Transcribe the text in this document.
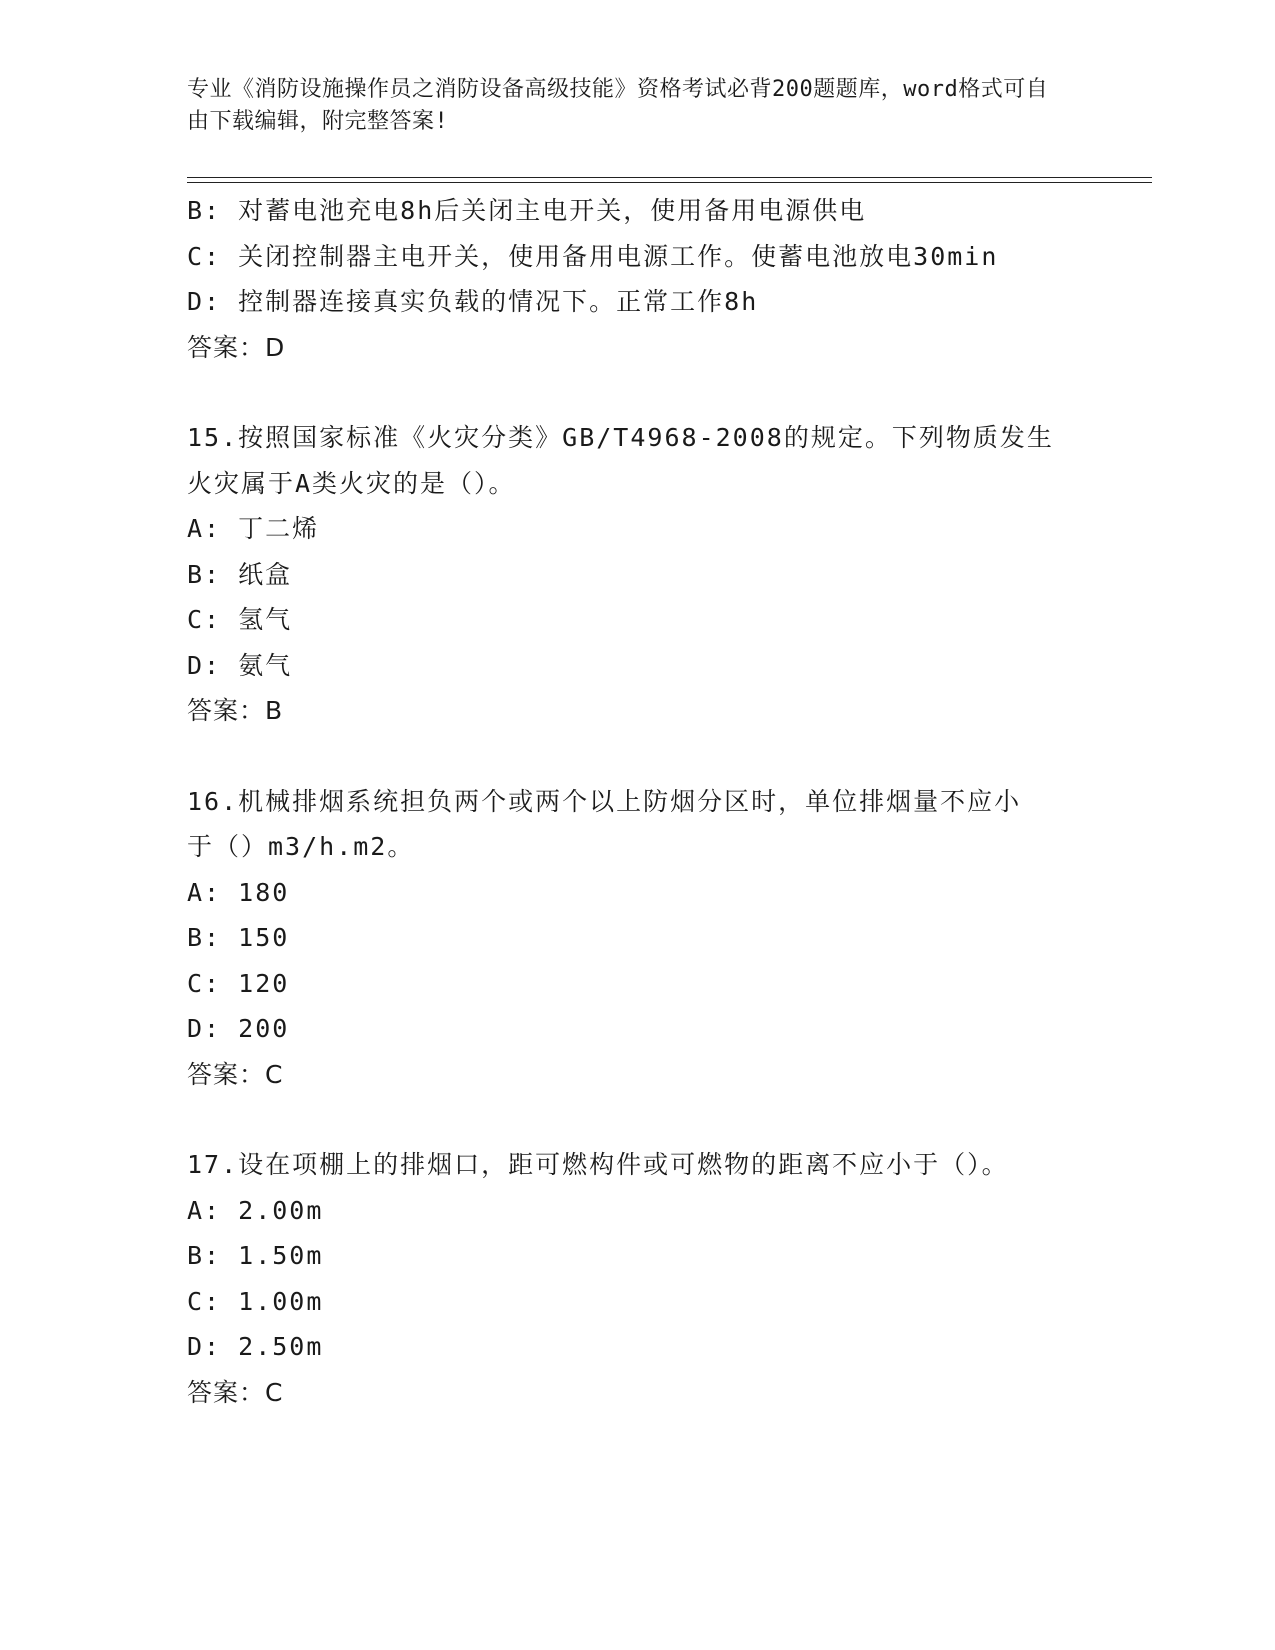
专业《消防设施操作员之消防设备高级技能》资格考试必背200题题库，word格式可自由下载编辑，附完整答案!
B: 对蓄电池充电8h后关闭主电开关，使用备用电源供电
C: 关闭控制器主电开关，使用备用电源工作。使蓄电池放电30min
D: 控制器连接真实负载的情况下。正常工作8h
答案：D
15.按照国家标准《火灾分类》GB/T4968-2008的规定。下列物质发生
火灾属于A类火灾的是（）。
A: 丁二烯
B: 纸盒
C: 氢气
D: 氨气
答案：B
16.机械排烟系统担负两个或两个以上防烟分区时，单位排烟量不应小
于（）m3/h.m2。
A: 180
B: 150
C: 120
D: 200
答案：C
17.设在项棚上的排烟口，距可燃构件或可燃物的距离不应小于（）。
A: 2.00m
B: 1.50m
C: 1.00m
D: 2.50m
答案：C
